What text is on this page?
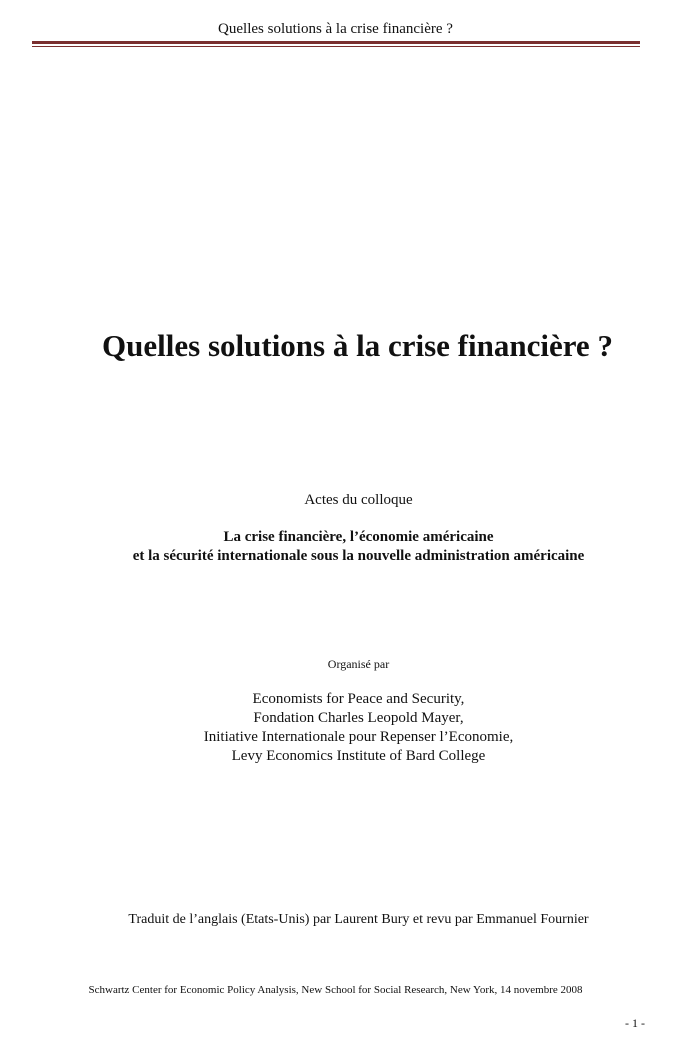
Quelles solutions à la crise financière ?
Quelles solutions à la crise financière ?
Actes du colloque
La crise financière, l’économie américaine
et la sécurité internationale sous la nouvelle administration américaine
Organisé par
Economists for Peace and Security,
Fondation Charles Leopold Mayer,
Initiative Internationale pour Repenser l’Economie,
Levy Economics Institute of Bard College
Traduit de l’anglais (Etats-Unis) par Laurent Bury et revu par Emmanuel Fournier
Schwartz Center for Economic Policy Analysis, New School for Social Research, New York, 14 novembre 2008
- 1 -
